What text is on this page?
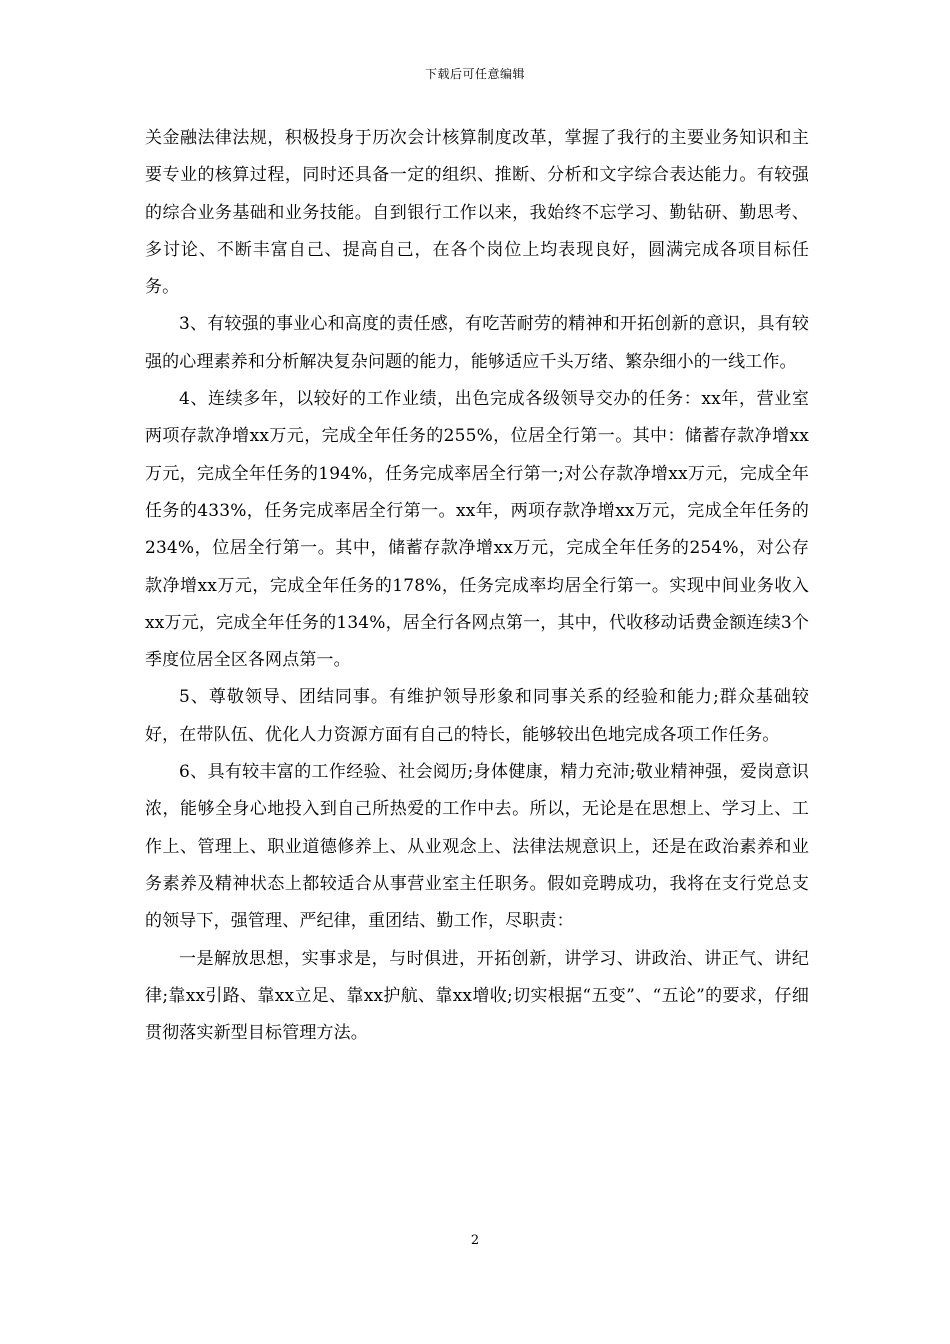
下载后可任意编辑

关金融法律法规，积极投身于历次会计核算制度改革，掌握了我行的主要业务知识和主要专业的核算过程，同时还具备一定的组织、推断、分析和文字综合表达能力。有较强的综合业务基础和业务技能。自到银行工作以来，我始终不忘学习、勤钻研、勤思考、多讨论、不断丰富自己、提高自己，在各个岗位上均表现良好，圆满完成各项目标任务。

3、有较强的事业心和高度的责任感，有吃苦耐劳的精神和开拓创新的意识，具有较强的心理素养和分析解决复杂问题的能力，能够适应千头万绪、繁杂细小的一线工作。

4、连续多年，以较好的工作业绩，出色完成各级领导交办的任务：xx年，营业室两项存款净增xx万元，完成全年任务的255%，位居全行第一。其中：储蓄存款净增xx万元，完成全年任务的194%，任务完成率居全行第一;对公存款净增xx万元，完成全年任务的433%，任务完成率居全行第一。xx年，两项存款净增xx万元，完成全年任务的234%，位居全行第一。其中，储蓄存款净增xx万元，完成全年任务的254%，对公存款净增xx万元，完成全年任务的178%，任务完成率均居全行第一。实现中间业务收入xx万元，完成全年任务的134%，居全行各网点第一，其中，代收移动话费金额连续3个季度位居全区各网点第一。

5、尊敬领导、团结同事。有维护领导形象和同事关系的经验和能力;群众基础较好，在带队伍、优化人力资源方面有自己的特长，能够较出色地完成各项工作任务。

6、具有较丰富的工作经验、社会阅历;身体健康，精力充沛;敬业精神强，爱岗意识浓，能够全身心地投入到自己所热爱的工作中去。所以，无论是在思想上、学习上、工作上、管理上、职业道德修养上、从业观念上、法律法规意识上，还是在政治素养和业务素养及精神状态上都较适合从事营业室主任职务。假如竞聘成功，我将在支行党总支的领导下，强管理、严纪律，重团结、勤工作，尽职责：

一是解放思想，实事求是，与时俱进，开拓创新，讲学习、讲政治、讲正气、讲纪律;靠xx引路、靠xx立足、靠xx护航、靠xx增收;切实根据“五变”、“五论”的要求，仔细贯彻落实新型目标管理方法。

2
